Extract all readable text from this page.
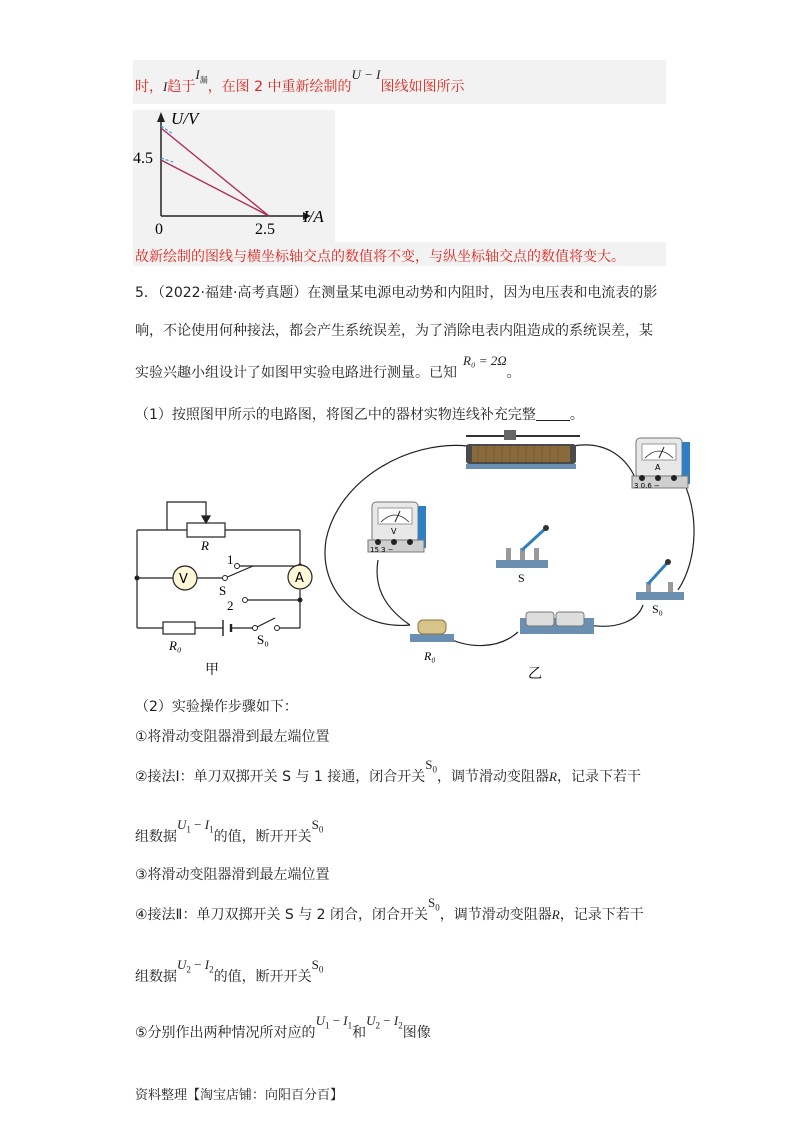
时，I趋于$I_漏$，在图 2 中重新绘制的U − I图线如图所示
U/V
4.5
0	2.5
I/A
故新绘制的图线与横坐标轴交点的数值将不变，与纵坐标轴交点的数值将变大。
5．（2022·福建·高考真题）在测量某电源电动势和内阻时，因为电压表和电流表的影
响，不论使用何种接法，都会产生系统误差，为了消除电表内阻造成的系统误差，某
实验兴趣小组设计了如图甲实验电路进行测量。已知R₀ = 2Ω。
（1）按照图甲所示的电路图，将图乙中的器材实物连线补充完整 。
V	A
R
1
S
2
R₀	S₀
甲
A
3 0.6 −
V
15 3 −
S
S₀
R₀
乙
（2）实验操作步骤如下：
①将滑动变阻器滑到最左端位置
②接法Ⅰ：单刀双掷开关 S 与 1 接通，闭合开关$S_0$，调节滑动变阻器R，记录下若干
组数据$U_1 - I_1$的值，断开开关$S_0$
③将滑动变阻器滑到最左端位置
④接法Ⅱ：单刀双掷开关 S 与 2 闭合，闭合开关$S_0$，调节滑动变阻器R，记录下若干
组数据$U_2 - I_2$的值，断开开关$S_0$
⑤分别作出两种情况所对应的$U_1 - I_1$和$U_2 - I_2$图像
资料整理【淘宝店铺：向阳百分百】
